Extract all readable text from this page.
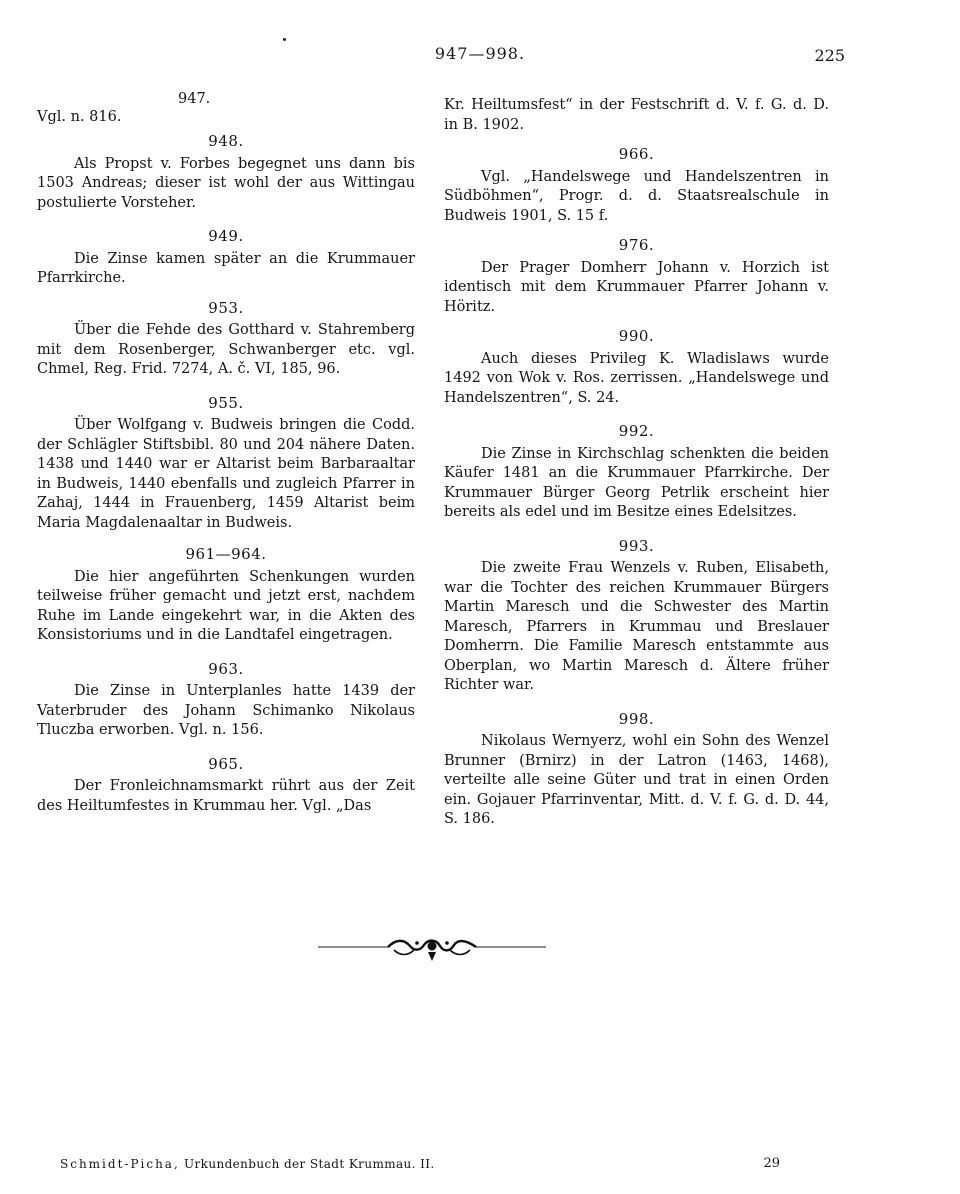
947—998.	225
947.
Vgl. n. 816.
948.

Als Propst v. Forbes begegnet uns dann bis 1503 Andreas; dieser ist wohl der aus Wittingau postulierte Vorsteher.

949.

Die Zinse kamen später an die Krummauer Pfarrkirche.

953.

Über die Fehde des Gotthard v. Stahremberg mit dem Rosenberger, Schwanberger etc. vgl. Chmel, Reg. Frid. 7274, A. č. VI, 185, 96.

955.

Über Wolfgang v. Budweis bringen die Codd. der Schlägler Stiftsbibl. 80 und 204 nähere Daten. 1438 und 1440 war er Altarist beim Barbaraaltar in Budweis, 1440 ebenfalls und zugleich Pfarrer in Zahaj, 1444 in Frauenberg, 1459 Altarist beim Maria Magdalenaaltar in Budweis.

961—964.

Die hier angeführten Schenkungen wurden teilweise früher gemacht und jetzt erst, nachdem Ruhe im Lande eingekehrt war, in die Akten des Konsistoriums und in die Landtafel eingetragen.

963.

Die Zinse in Unterplanles hatte 1439 der Vaterbruder des Johann Schimanko Nikolaus Tluczba erworben. Vgl. n. 156.

965.

Der Fronleichnamsmarkt rührt aus der Zeit des Heiltumfestes in Krummau her. Vgl. „Das

Kr. Heiltumsfest“ in der Festschrift d. V. f. G. d. D. in B. 1902.

966.

Vgl. „Handelswege und Handelszentren in Südböhmen“, Progr. d. d. Staatsrealschule in Budweis 1901, S. 15 f.

976.

Der Prager Domherr Johann v. Horzich ist identisch mit dem Krummauer Pfarrer Johann v. Höritz.

990.

Auch dieses Privileg K. Wladislaws wurde 1492 von Wok v. Ros. zerrissen. „Handelswege und Handelszentren“, S. 24.

992.

Die Zinse in Kirchschlag schenkten die beiden Käufer 1481 an die Krummauer Pfarrkirche. Der Krummauer Bürger Georg Petrlik erscheint hier bereits als edel und im Besitze eines Edelsitzes.

993.

Die zweite Frau Wenzels v. Ruben, Elisabeth, war die Tochter des reichen Krummauer Bürgers Martin Maresch und die Schwester des Martin Maresch, Pfarrers in Krummau und Breslauer Domherrn. Die Familie Maresch entstammte aus Oberplan, wo Martin Maresch d. Ältere früher Richter war.

998.

Nikolaus Wernyerz, wohl ein Sohn des Wenzel Brunner (Brnirz) in der Latron (1463, 1468), verteilte alle seine Güter und trat in einen Orden ein. Gojauer Pfarrinventar, Mitt. d. V. f. G. d. D. 44, S. 186.

Schmidt-Picha, Urkundenbuch der Stadt Krummau. II.	29
